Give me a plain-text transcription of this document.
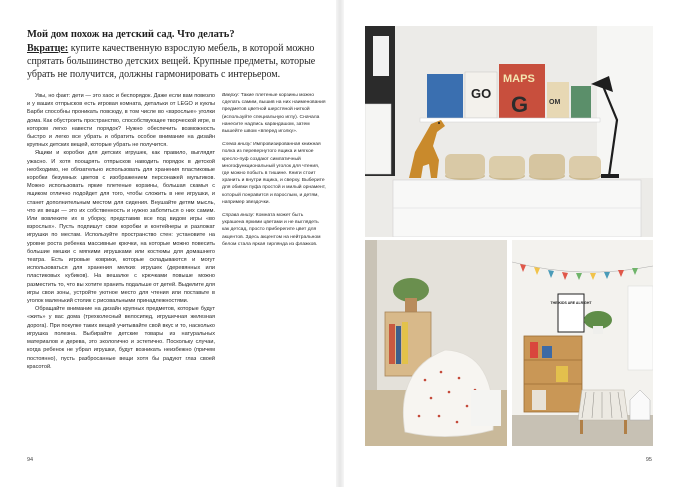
Мой дом похож на детский сад. Что делать?

Вкратце: купите качественную взрослую мебель, в которой можно спрятать большинство детских вещей. Крупные предметы, которые убрать не получится, должны гармонировать с интерьером.

Увы, но факт: дети — это хаос и беспорядок. Даже если вам повезло и у ваших отпрысков есть игровая комната, детальки от LEGO и куклы Барби способны проникать повсюду, в том числе во «взрослые» уголки дома. Как обустроить пространство, способствующее творческой игре, в котором легко навести порядок? Нужно обеспечить возможность быстро и легко все убрать и обратить особое внимание на дизайн крупных детских вещей, которые убрать не получится.

Ящики и коробки для детских игрушек, как правило, выглядят ужасно. И хотя поощрять отпрысков наводить порядок в детской необходимо, не обязательно использовать для хранения пластиковые коробки безумных цветов с изображением персонажей мультиков. Можно использовать яркие плетеные корзины, большая скамья с ящиком отлично подойдет для того, чтобы сложить в нее игрушки, и станет дополнительным местом для сидения. Внушайте детям мысль, что их вещи — это их собственность и нужно заботиться о них самим. Или вовлеките их в уборку, представив все под видом игры «во взрослых». Пусть подпишут свои коробки и контейнеры и разложат игрушки по местам. Используйте пространство стен: установите на уровне роста ребенка массивные крючки, на которые можно повесить большие мешки с мягкими игрушками или костюмы для домашнего театра. Есть игровые коврики, которые складываются и могут использоваться для хранения мелких игрушек (деревянных или пластиковых кубиков). На вешалке с крючками повыше можно разместить то, что вы хотите хранить подальше от детей. Выделите для игры свои зоны, устройте уютное место для чтения или поставьте в уголок маленький столик с рисовальными принадлежностями.

Обращайте внимание на дизайн крупных предметов, которые будут «жить» у вас дома (трехколесный велосипед, игрушечная железная дорога). При покупке таких вещей учитывайте свой вкус и то, насколько игрушка полезна. Выбирайте детские товары из натуральных материалов и дерева, это экологично и эстетично. Поскольку случаи, когда ребенок не убрал игрушки, будут возникать неизбежно (причем постоянно), пусть разбросанные вещи хотя бы радуют глаз своей красотой.

Вверху: Такие плетеные корзины можно сделать самим, вышив на них наименования предметов цветной шерстяной ниткой (используйте специальную иглу). Сначала нанесите надпись карандашом, затем вышейте швом «вперед иголку».

Слева внизу: Импровизированная книжная полка из перевернутого ящика и мягкое кресло-пуф создают симпатичный многофункциональный уголок для чтения, где можно побыть в тишине. Книги стоит хранить и внутри ящика, и сверху. Выберите для обивки пуфа простой и милый орнамент, который понравится и взрослым, и детям, например звездочки.

Справа внизу: Комната может быть украшена яркими цветами и не выглядеть как детсад, просто приберегите цвет для акцентов. Здесь акцентом на нейтральном белом стала яркая гирлянда из флажков.

94
GO
MAPS
G	OM
THE KIDS ARE ALRIGHT
95
